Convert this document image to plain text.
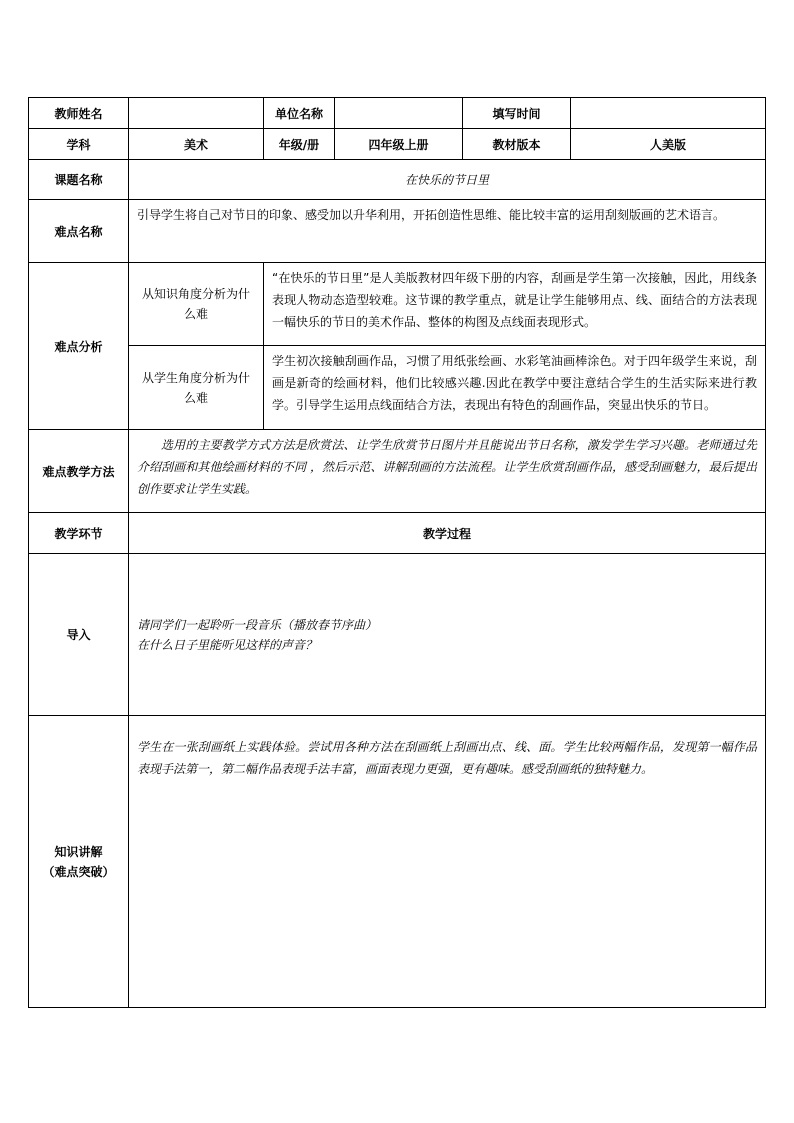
教师姓名		单位名称		填写时间	
学科	美术	年级/册	四年级上册	教材版本	人美版
课题名称	在快乐的节日里				
难点名称	引导学生将自己对节日的印象、感受加以升华利用，开拓创造性思维、能比较丰富的运用刮刻版画的艺术语言。				
难点分析	从知识角度分析为什么难	“在快乐的节日里”是人美版教材四年级下册的内容，刮画是学生第一次接触，因此，用线条表现人物动态造型较难。这节课的教学重点，就是让学生能够用点、线、面结合的方法表现一幅快乐的节日的美术作品、整体的构图及点线面表现形式。			
	从学生角度分析为什么难	学生初次接触刮画作品，习惯了用纸张绘画、水彩笔油画棒涂色。对于四年级学生来说，刮画是新奇的绘画材料，他们比较感兴趣.因此在教学中要注意结合学生的生活实际来进行教学。引导学生运用点线面结合方法，表现出有特色的刮画作品，突显出快乐的节日。			
难点教学方法	选用的主要教学方式方法是欣赏法、让学生欣赏节日图片并且能说出节日名称，激发学生学习兴趣。老师通过先介绍刮画和其他绘画材料的不同 ，然后示范、讲解刮画的方法流程。让学生欣赏刮画作品，感受刮画魅力，最后提出创作要求让学生实践。				
教学环节	教学过程				
导入	请同学们一起聆听一段音乐（播放春节序曲）
在什么日子里能听见这样的声音？				

知识讲解
（难点突破）	学生在一张刮画纸上实践体验。尝试用各种方法在刮画纸上刮画出点、线、面。学生比较两幅作品，发现第一幅作品表现手法第一，第二幅作品表现手法丰富，画面表现力更强，更有趣味。感受刮画纸的独特魅力。				
